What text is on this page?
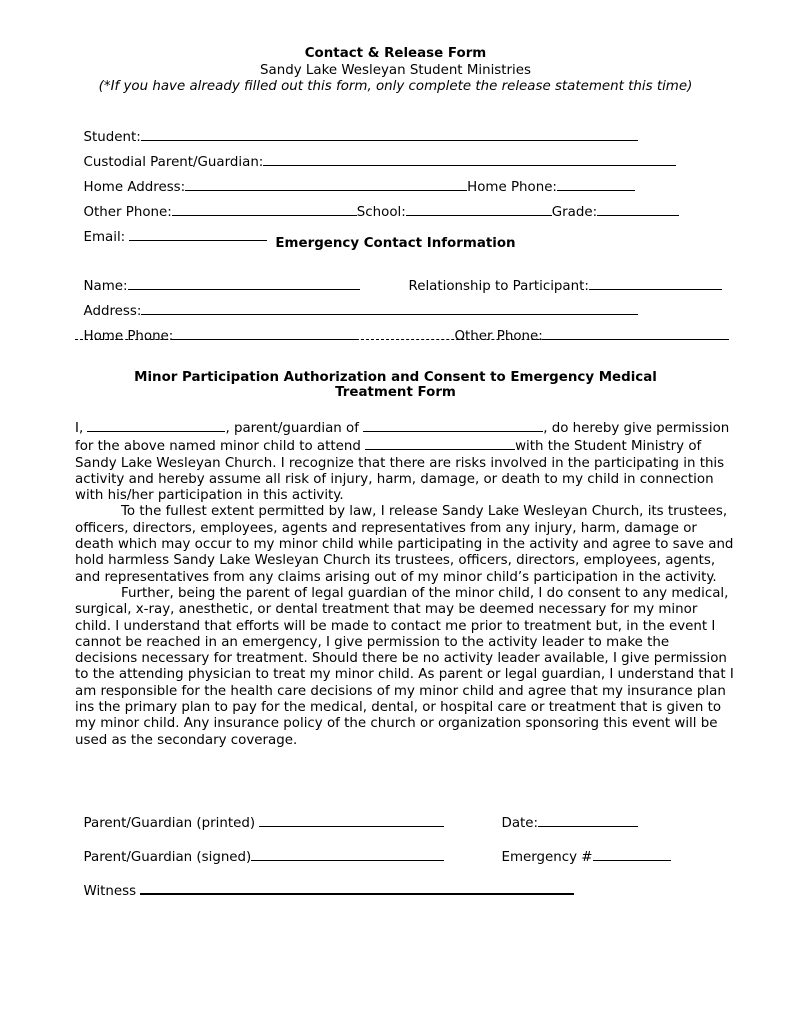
Contact & Release Form
Sandy Lake Wesleyan Student Ministries
(*If you have already filled out this form, only complete the release statement this time)

Student:

Custodial Parent/Guardian:

Home Address:	Home Phone:

Other Phone:	School:	Grade:

Email:	Emergency Contact Information

Name:	Relationship to Participant:

Address:

Home Phone:	Other Phone:

Minor Participation Authorization and Consent to Emergency Medical
Treatment Form

I,	, parent/guardian of	, do hereby give permission for the above named minor child to attend	with the Student Ministry of Sandy Lake Wesleyan Church. I recognize that there are risks involved in the participating in this activity and hereby assume all risk of injury, harm, damage, or death to my child in connection with his/her participation in this activity.

To the fullest extent permitted by law, I release Sandy Lake Wesleyan Church, its trustees, officers, directors, employees, agents and representatives from any injury, harm, damage or death which may occur to my minor child while participating in the activity and agree to save and hold harmless Sandy Lake Wesleyan Church its trustees, officers, directors, employees, agents, and representatives from any claims arising out of my minor child’s participation in the activity.

Further, being the parent of legal guardian of the minor child, I do consent to any medical, surgical, x-ray, anesthetic, or dental treatment that may be deemed necessary for my minor child. I understand that efforts will be made to contact me prior to treatment but, in the event I cannot be reached in an emergency, I give permission to the activity leader to make the decisions necessary for treatment. Should there be no activity leader available, I give permission to the attending physician to treat my minor child. As parent or legal guardian, I understand that I am responsible for the health care decisions of my minor child and agree that my insurance plan ins the primary plan to pay for the medical, dental, or hospital care or treatment that is given to my minor child. Any insurance policy of the church or organization sponsoring this event will be used as the secondary coverage.

Parent/Guardian (printed)	Date:

Parent/Guardian (signed)	Emergency #

Witness
